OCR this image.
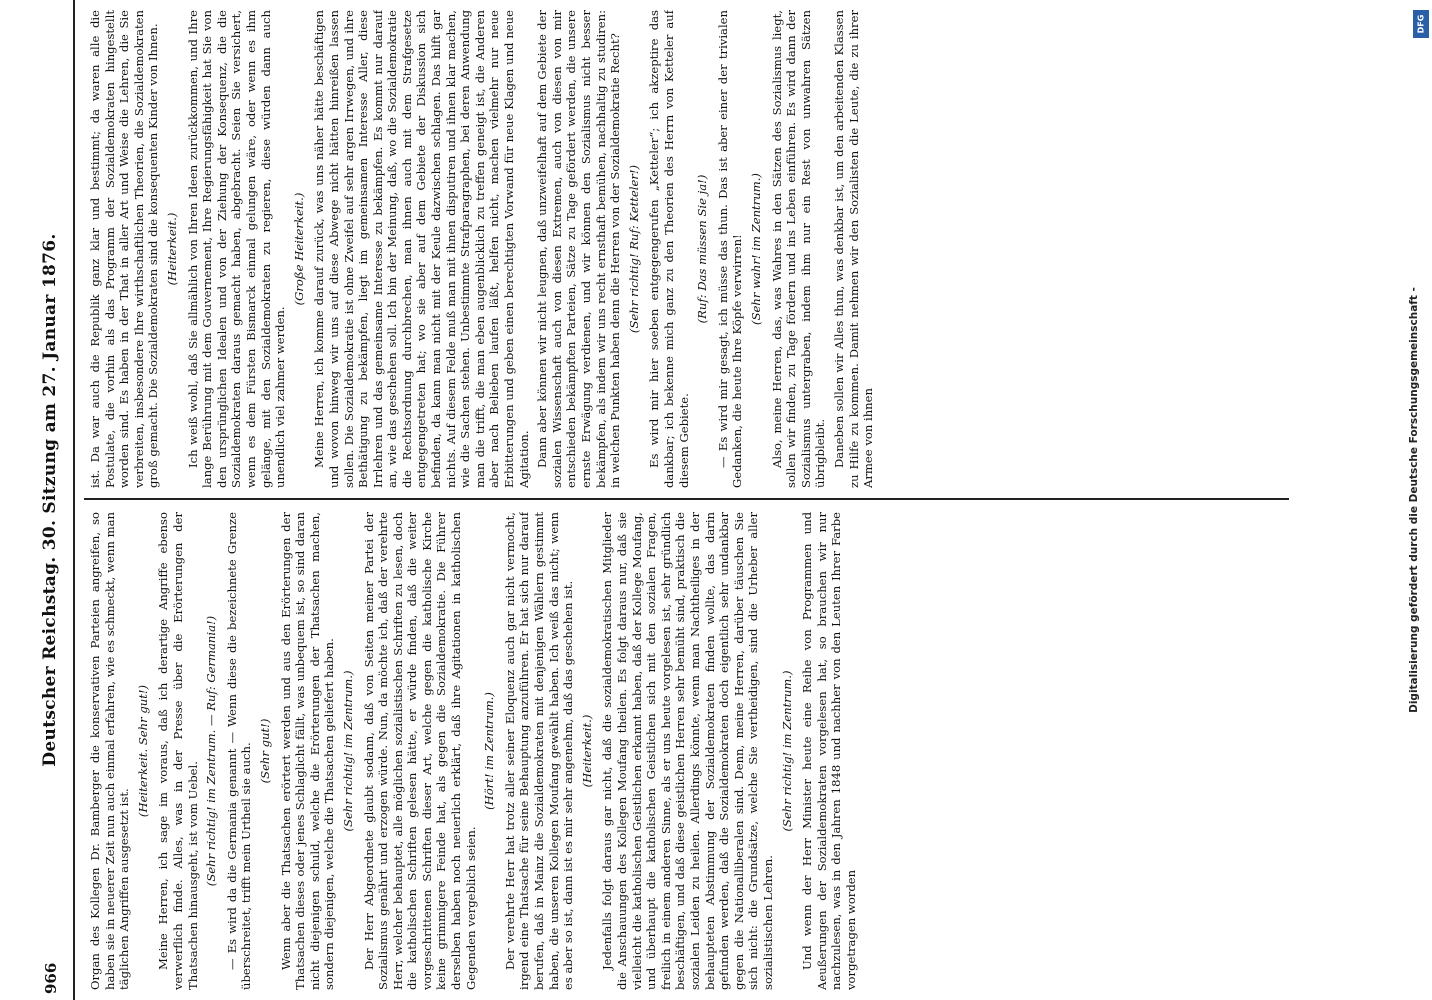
966
Deutscher Reichstag. 30. Sitzung am 27. Januar 1876. Organ des Kollegen Dr. Bamberger die konservativen Parteien angreifen, so haben sie in neuerer Zeit nun auch einmal erfahren, wie es schmeckt, wenn man täglichen Angriffen ausgesetzt ist.

(Heiterkeit. Sehr gut!) Meine Herren, ich sage im voraus, daß ich derartige Angriffe ebenso verwerflich finde. Alles, was in der Presse über die Erörterungen der Thatsachen hinausgeht, ist vom Uebel. (Sehr richtig! im Zentrum. — Ruf: Germania!) — Es wird da die Germania genannt — Wenn diese die bezeichnete Grenze überschreitet, trifft mein Urtheil sie auch. (Sehr gut!) Wenn aber die Thatsachen erörtert werden und aus den Erörterungen der Thatsachen dieses oder jenes Schlaglicht fällt, was unbequem ist, so sind daran nicht diejenigen schuld, welche die Erörterungen der Thatsachen machen, sondern diejenigen, welche die Thatsachen geliefert haben. (Sehr richtig! im Zentrum.) Der Herr Abgeordnete glaubt sodann, daß von Seiten meiner Partei der Sozialismus genährt und erzogen würde. Nun, da möchte ich, daß der verehrte Herr, welcher behauptet, alle möglichen sozialistischen Schriften zu lesen, doch die katholischen Schriften gelesen hätte, er würde finden, daß die weiter vorgeschrittenen Schriften dieser Art, welche gegen die katholische Kirche keine grimmigere Feinde hat, als gegen die Sozialdemokratie. Die Führer derselben haben noch neuerlich erklärt, daß ihre Agitationen in katholischen Gegenden vergeblich seien.

(Hört! im Zentrum.) Der verehrte Herr hat trotz aller seiner Eloquenz auch gar nicht vermocht, irgend eine Thatsache für seine Behauptung anzuführen. Er hat sich nur darauf berufen, daß in Mainz die Sozialdemokraten mit denjenigen Wählern gestimmt haben, die unseren Kollegen Moufang gewählt haben. Ich weiß das nicht; wenn es aber so ist, dann ist es mir sehr angenehm, daß das geschehen ist. (Heiterkeit.) Jedenfalls folgt daraus gar nicht, daß die sozialdemokratischen Mitglieder die Anschauungen des Kollegen Moufang theilen. Es folgt daraus nur, daß sie vielleicht die katholischen Geistlichen erkannt haben, daß der Kollege Moufang, und überhaupt die katholischen Geistlichen sich mit den sozialen Fragen, freilich in einem anderen Sinne, als er uns heute vorgelesen ist, sehr gründlich beschäftigen, und daß diese geistlichen Herren sehr bemüht sind, praktisch die sozialen Leiden zu heilen. Allerdings könnte, wenn man Nachtheiliges in der behaupteten Abstimmung der Sozialdemokraten finden wollte, das darin gefunden werden, daß die Sozialdemokraten doch eigentlich sehr undankbar gegen die Nationalliberalen sind. Denn, meine Herren, darüber täuschen Sie sich nicht: die Grundsätze, welche Sie vertheidigen, sind die Urheber aller sozialistischen Lehren.

(Sehr richtig! im Zentrum.) Und wenn der Herr Minister heute eine Reihe von Programmen und Aeußerungen der Sozialdemokraten vorgelesen hat, so brauchen wir nur nachzulesen, was in den Jahren 1848 und nachher von den Leuten Ihrer Farbe vorgetragen worden

ist. Da war auch die Republik ganz klar und bestimmt; da waren alle die Postulate, die vorhin als das Programm der Sozialdemokraten hingestellt worden sind. Es haben in der That in aller Art und Weise die Lehren, die Sie verbreiten, insbesondere Ihre wirthschaftlichen Theorien, die Sozialdemokraten groß gemacht. Die Sozialdemokraten sind die konsequenten Kinder von Ihnen. (Heiterkeit.) Ich weiß wohl, daß Sie allmählich von Ihren Ideen zurückkommen, und Ihre lange Berührung mit dem Gouvernement, Ihre Regierungsfähigkeit hat Sie von den ursprünglichen Idealen und von der Ziehung der Konsequenz, die die Sozialdemokraten daraus gemacht haben, abgebracht. Seien Sie versichert, wenn es dem Fürsten Bismarck einmal gelungen wäre, oder wenn es ihm gelänge, mit den Sozialdemokraten zu regieren, diese würden dann auch unendlich viel zahmer werden.

(Große Heiterkeit.) Meine Herren, ich komme darauf zurück, was uns näher hätte beschäftigen und wovon hinweg wir uns auf diese Abwege nicht hätten hinreißen lassen sollen. Die Sozialdemokratie ist ohne Zweifel auf sehr argen Irrwegen, und ihre Bethätigung zu bekämpfen, liegt im gemeinsamen Interesse Aller, diese Irrlehren und das gemeinsame Interesse zu bekämpfen. Es kommt nur darauf an, wie das geschehen soll. Ich bin der Meinung, daß, wo die Sozialdemokratie die Rechtsordnung durchbrechen, man ihnen auch mit dem Strafgesetze entgegengetreten hat; wo sie aber auf dem Gebiete der Diskussion sich befinden, da kann man nicht mit der Keule dazwischen schlagen. Das hilft gar nichts. Auf diesem Felde muß man mit ihnen disputiren und ihnen klar machen, wie die Sachen stehen. Unbestimmte Strafparagraphen, bei deren Anwendung man die trifft, die man eben augenblicklich zu treffen geneigt ist, die Anderen aber nach Belieben laufen läßt, helfen nicht, machen vielmehr nur neue Erbitterungen und geben einen berechtigten Vorwand für neue Klagen und neue Agitation. Dann aber können wir nicht leugnen, daß unzweifelhaft auf dem Gebiete der sozialen Wissenschaft auch von diesen Extremen, auch von diesen von mir entschieden bekämpften Parteien, Sätze zu Tage gefördert werden, die unsere ernste Erwägung verdienen, und wir können den Sozialismus nicht besser bekämpfen, als indem wir uns recht ernsthaft bemühen, nachhaltig zu studiren: in welchen Punkten haben denn die Herren von der Sozialdemokratie Recht? (Sehr richtig! Ruf: Ketteler!) Es wird mir hier soeben entgegengerufen „Ketteler“; ich akzeptire das dankbar; ich bekenne mich ganz zu den Theorien des Herrn von Ketteler auf diesem Gebiete.

(Ruf: Das müssen Sie ja!) — Es wird mir gesagt, ich müsse das thun. Das ist aber einer der trivialen Gedanken, die heute Ihre Köpfe verwirren! (Sehr wahr! im Zentrum.) Also, meine Herren, das, was Wahres in den Sätzen des Sozialismus liegt, sollen wir finden, zu Tage fördern und ins Leben einführen. Es wird dann der Sozialismus untergraben, indem ihm nur ein Rest von unwahren Sätzen übrigbleibt. Daneben sollen wir Alles thun, was denkbar ist, um den arbeitenden Klassen zu Hilfe zu kommen. Damit nehmen wir den Sozialisten die Leute, die zu ihrer Armee von ihnen	Digitalisierung gefördert durch die Deutsche Forschungsgemeinschaft -
DFG
